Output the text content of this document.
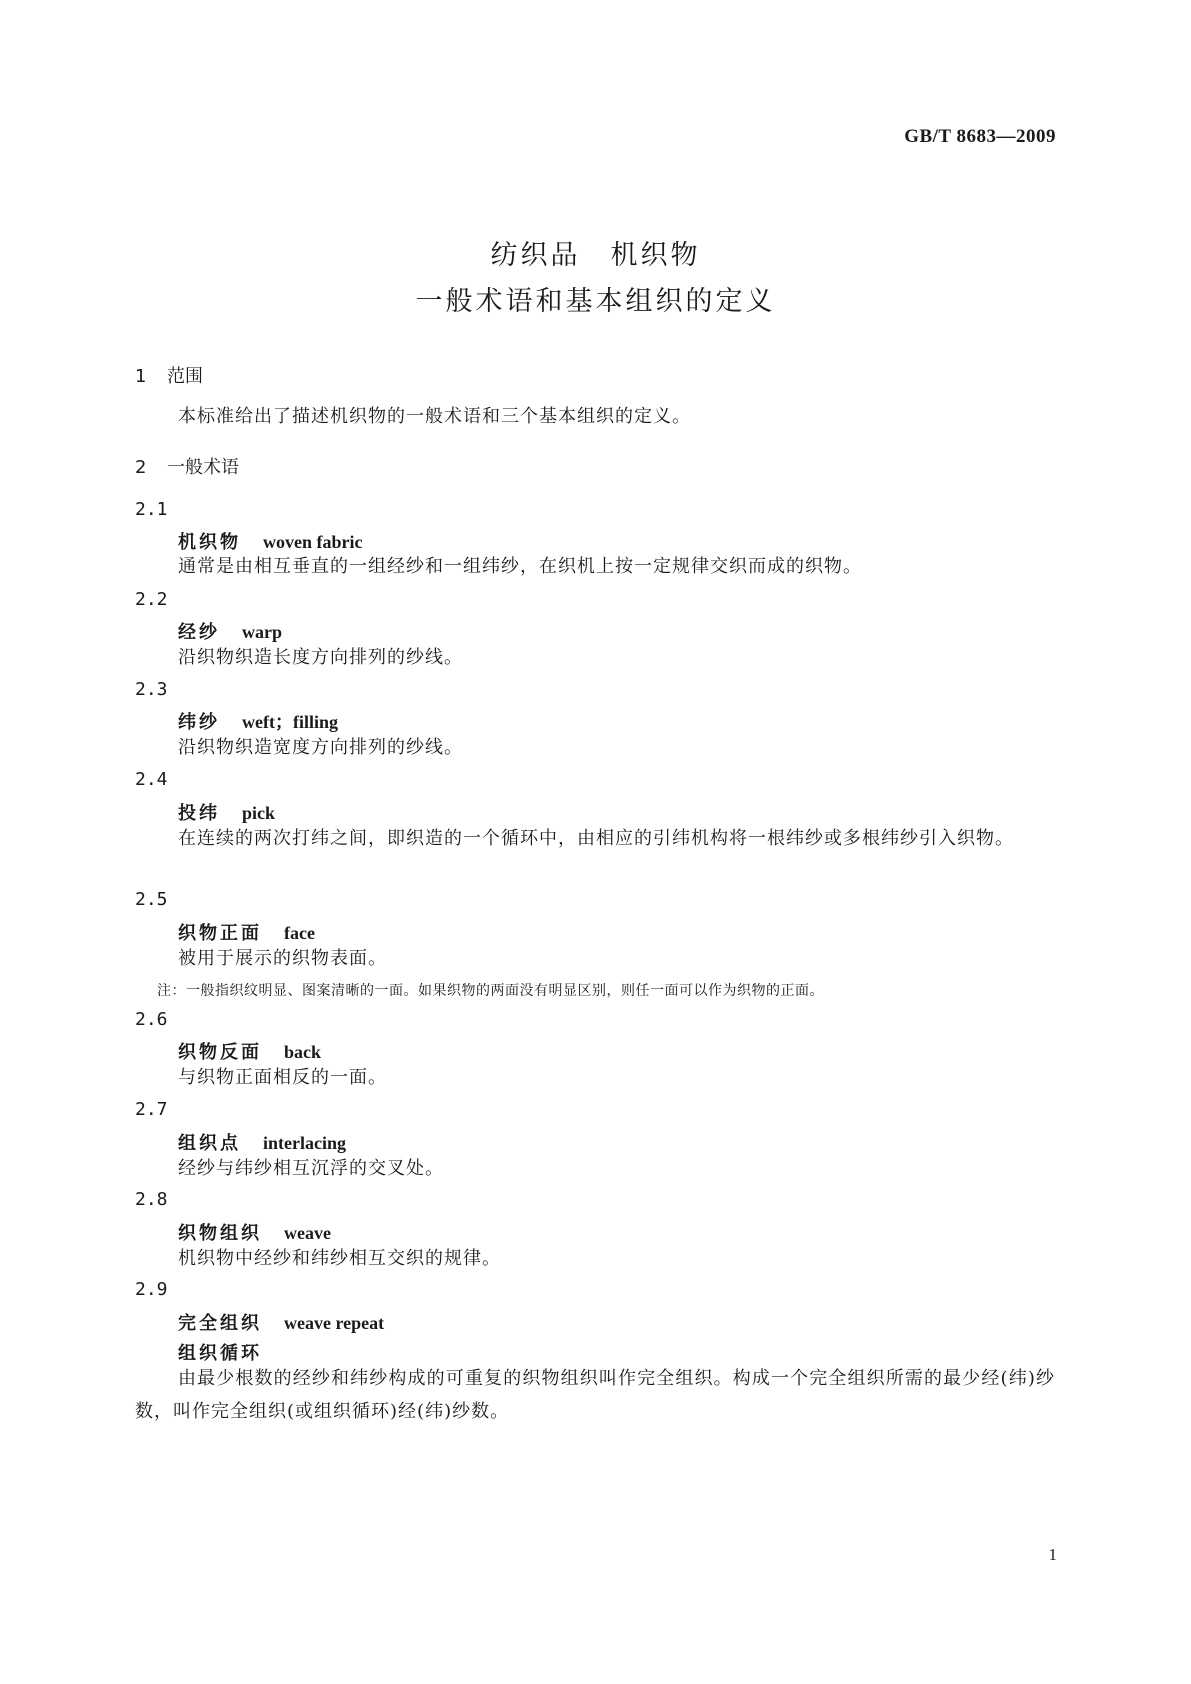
GB/T 8683—2009
纺织品　机织物
一般术语和基本组织的定义
1 范围
本标准给出了描述机织物的一般术语和三个基本组织的定义。
2 一般术语
2.1
机织物 woven fabric
通常是由相互垂直的一组经纱和一组纬纱，在织机上按一定规律交织而成的织物。
2.2
经纱 warp
沿织物织造长度方向排列的纱线。
2.3
纬纱 weft；filling
沿织物织造宽度方向排列的纱线。
2.4
投纬 pick
在连续的两次打纬之间，即织造的一个循环中，由相应的引纬机构将一根纬纱或多根纬纱引入织物。
2.5
织物正面 face
被用于展示的织物表面。
注：一般指织纹明显、图案清晰的一面。如果织物的两面没有明显区别，则任一面可以作为织物的正面。
2.6
织物反面 back
与织物正面相反的一面。
2.7
组织点 interlacing
经纱与纬纱相互沉浮的交叉处。
2.8
织物组织 weave
机织物中经纱和纬纱相互交织的规律。
2.9
完全组织 weave repeat
组织循环
由最少根数的经纱和纬纱构成的可重复的织物组织叫作完全组织。构成一个完全组织所需的最少经(纬)纱数，叫作完全组织(或组织循环)经(纬)纱数。
1
